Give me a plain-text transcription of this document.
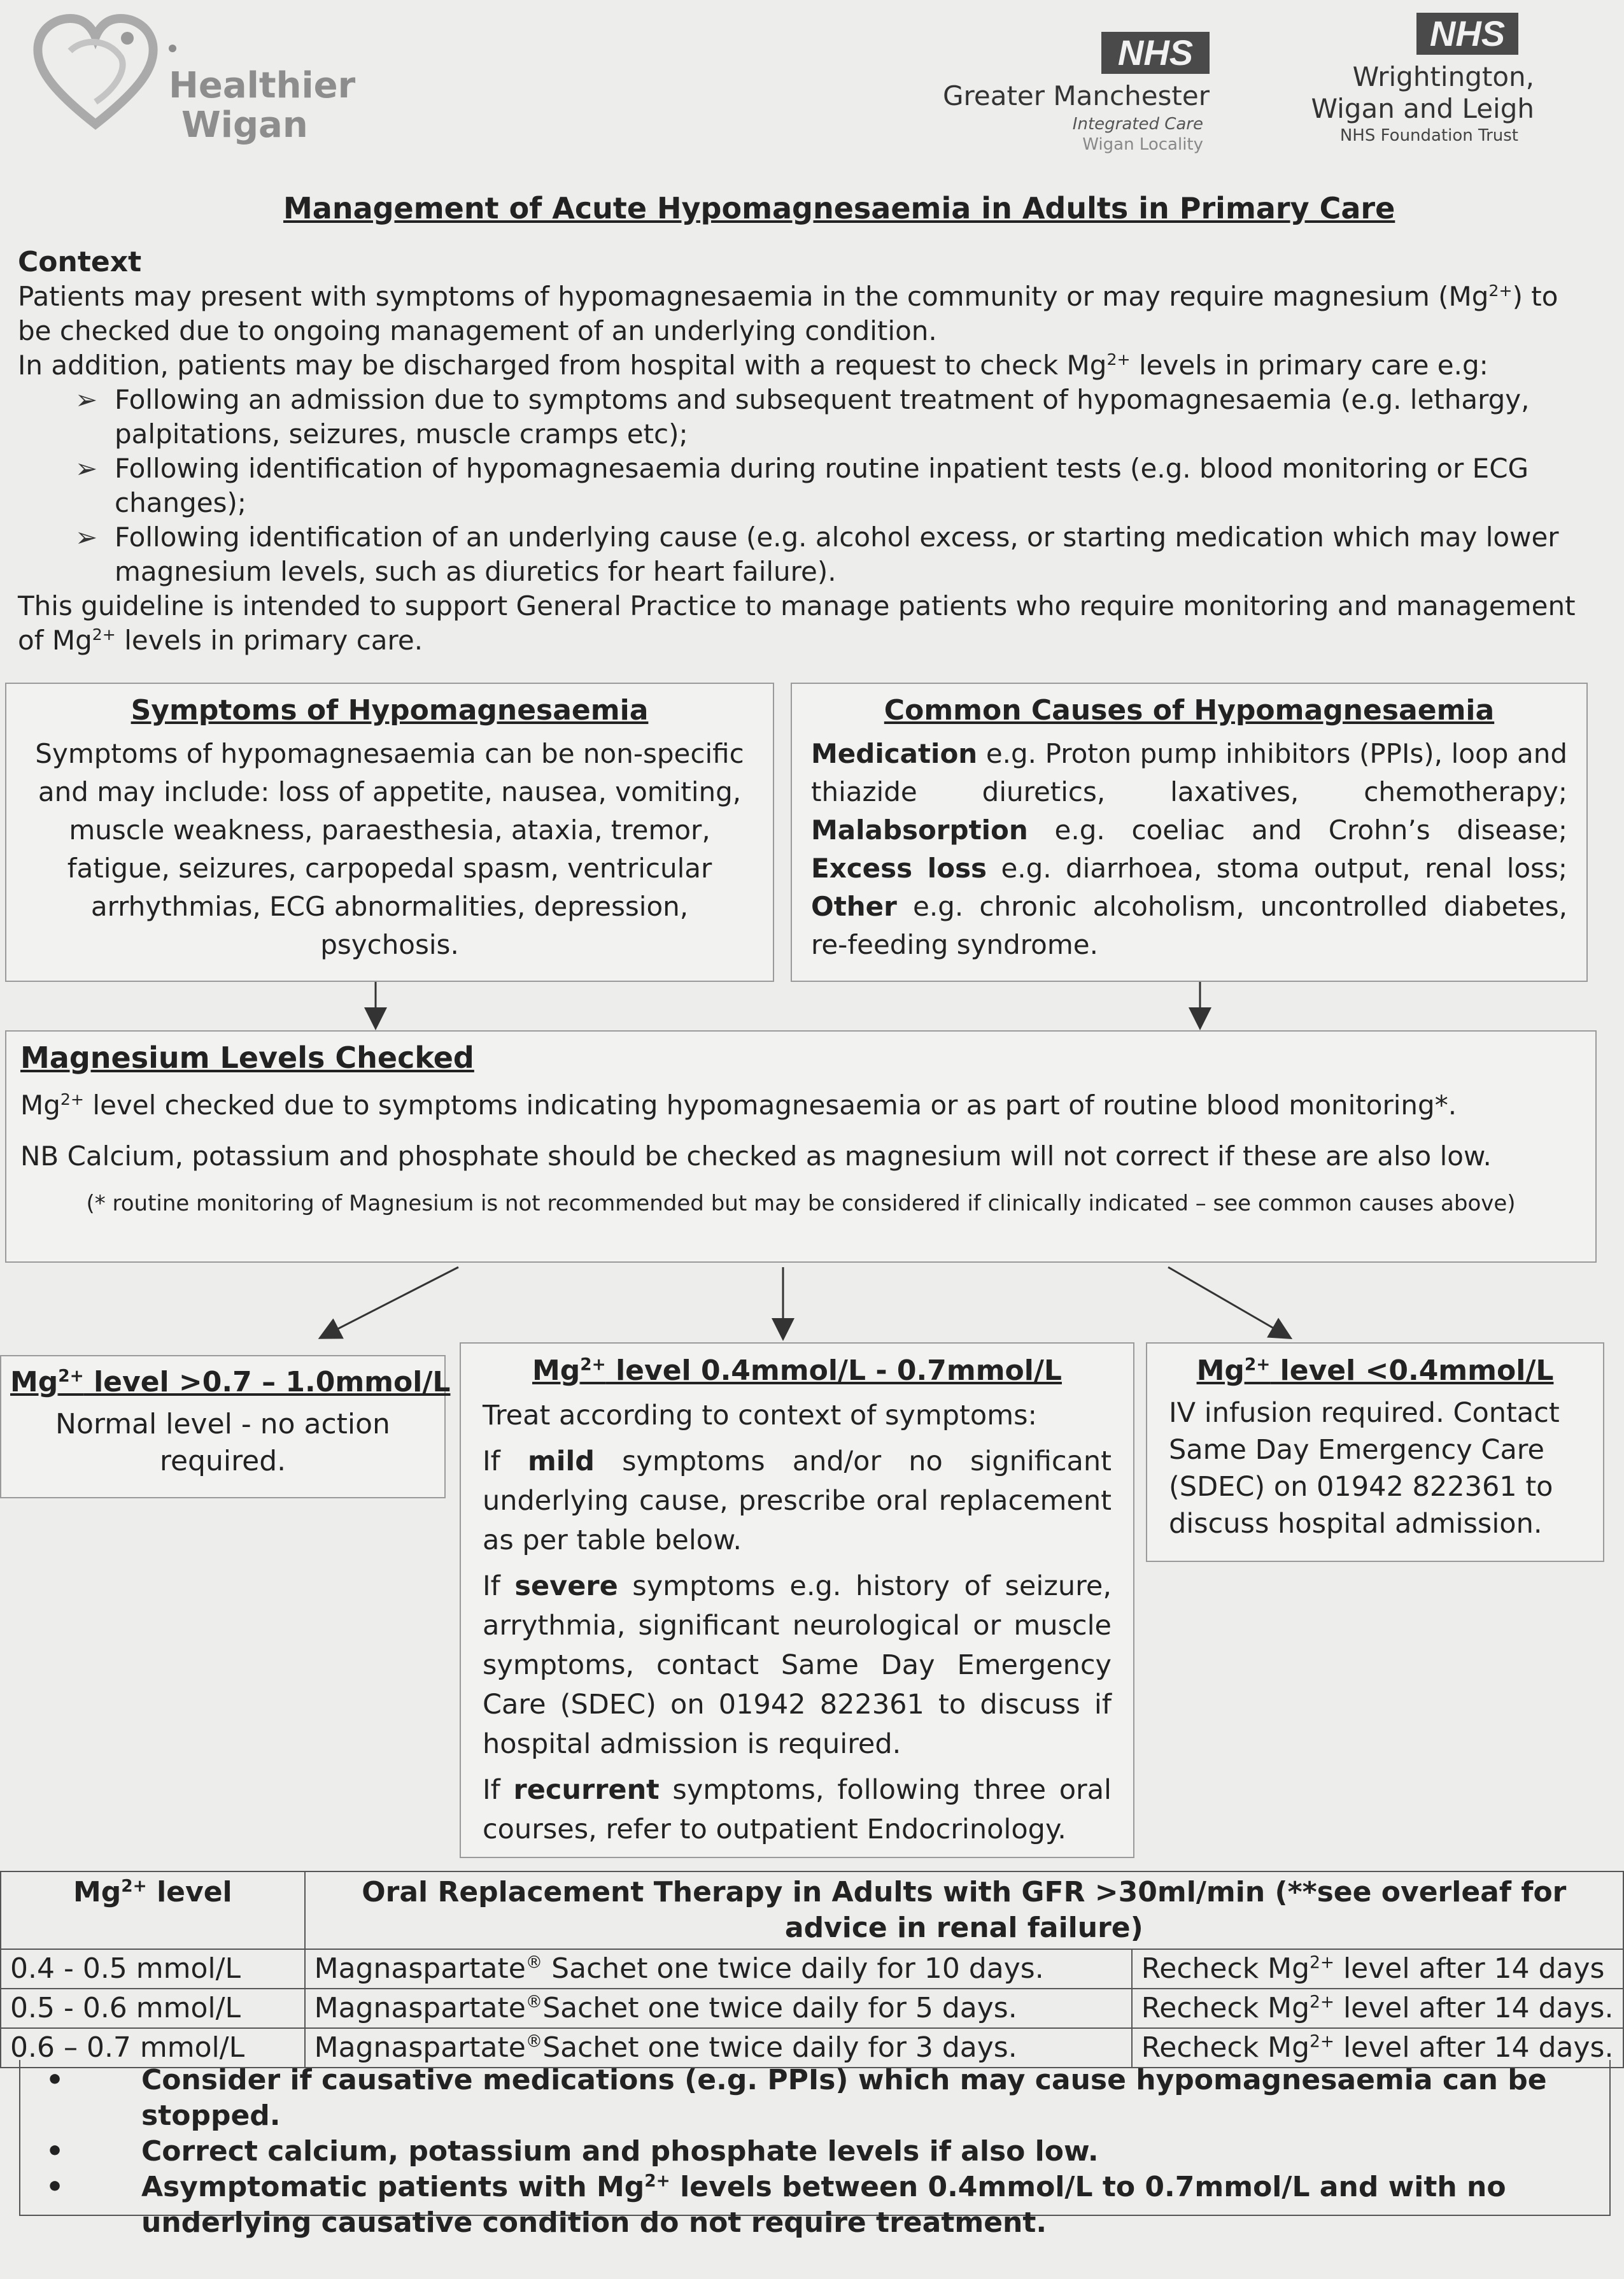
Healthier
Wigan
NHS
Greater Manchester
Integrated Care
Wigan Locality
NHS
Wrightington,
Wigan and Leigh
NHS Foundation Trust
Management of Acute Hypomagnesaemia in Adults in Primary Care
Context
Patients may present with symptoms of hypomagnesaemia in the community or may require magnesium $(Mg^{2+})$ to be checked due to ongoing management of an underlying condition.
In addition, patients may be discharged from hospital with a request to check $Mg^{2+}$ levels in primary care e.g:
➢ Following an admission due to symptoms and subsequent treatment of hypomagnesaemia (e.g. lethargy, palpitations, seizures, muscle cramps etc);
➢ Following identification of hypomagnesaemia during routine inpatient tests (e.g. blood monitoring or ECG changes);
➢ Following identification of an underlying cause (e.g. alcohol excess, or starting medication which may lower magnesium levels, such as diuretics for heart failure).
This guideline is intended to support General Practice to manage patients who require monitoring and management of $Mg^{2+}$ levels in primary care.
Symptoms of Hypomagnesaemia
Symptoms of hypomagnesaemia can be non-specific and may include: loss of appetite, nausea, vomiting, muscle weakness, paraesthesia, ataxia, tremor, fatigue, seizures, carpopedal spasm, ventricular arrhythmias, ECG abnormalities, depression, psychosis.
Common Causes of Hypomagnesaemia
Medication e.g. Proton pump inhibitors (PPIs), loop and thiazide diuretics, laxatives, chemotherapy; Malabsorption e.g. coeliac and Crohn’s disease; Excess loss e.g. diarrhoea, stoma output, renal loss; Other e.g. chronic alcoholism, uncontrolled diabetes, re-feeding syndrome.
Magnesium Levels Checked
$Mg^{2+}$ level checked due to symptoms indicating hypomagnesaemia or as part of routine blood monitoring*.
NB Calcium, potassium and phosphate should be checked as magnesium will not correct if these are also low.
(* routine monitoring of Magnesium is not recommended but may be considered if clinically indicated – see common causes above)
$Mg^{2+}$ level >0.7 – 1.0mmol/L
Normal level - no action required.
$Mg^{2+}$ level 0.4mmol/L - 0.7mmol/L
Treat according to context of symptoms:
If mild symptoms and/or no significant underlying cause, prescribe oral replacement as per table below.
If severe symptoms e.g. history of seizure, arrythmia, significant neurological or muscle symptoms, contact Same Day Emergency Care (SDEC) on 01942 822361 to discuss if hospital admission is required.
If recurrent symptoms, following three oral courses, refer to outpatient Endocrinology.
$Mg^{2+}$ level <0.4mmol/L
IV infusion required. Contact Same Day Emergency Care (SDEC) on 01942 822361 to discuss hospital admission.
$Mg^{2+}$ level	Oral Replacement Therapy in Adults with GFR >30ml/min (**see overleaf for advice in renal failure)	
0.4 - 0.5 mmol/L	Magnaspartate® Sachet one twice daily for 10 days.	Recheck $Mg^{2+}$ level after 14 days
0.5 - 0.6 mmol/L	Magnaspartate®Sachet one twice daily for 5 days.	Recheck $Mg^{2+}$ level after 14 days.
0.6 – 0.7 mmol/L	Magnaspartate®Sachet one twice daily for 3 days.	Recheck $Mg^{2+}$ level after 14 days.
• Consider if causative medications (e.g. PPIs) which may cause hypomagnesaemia can be stopped.
• Correct calcium, potassium and phosphate levels if also low.
• Asymptomatic patients with $Mg^{2+}$ levels between 0.4mmol/L to 0.7mmol/L and with no underlying causative condition do not require treatment.
